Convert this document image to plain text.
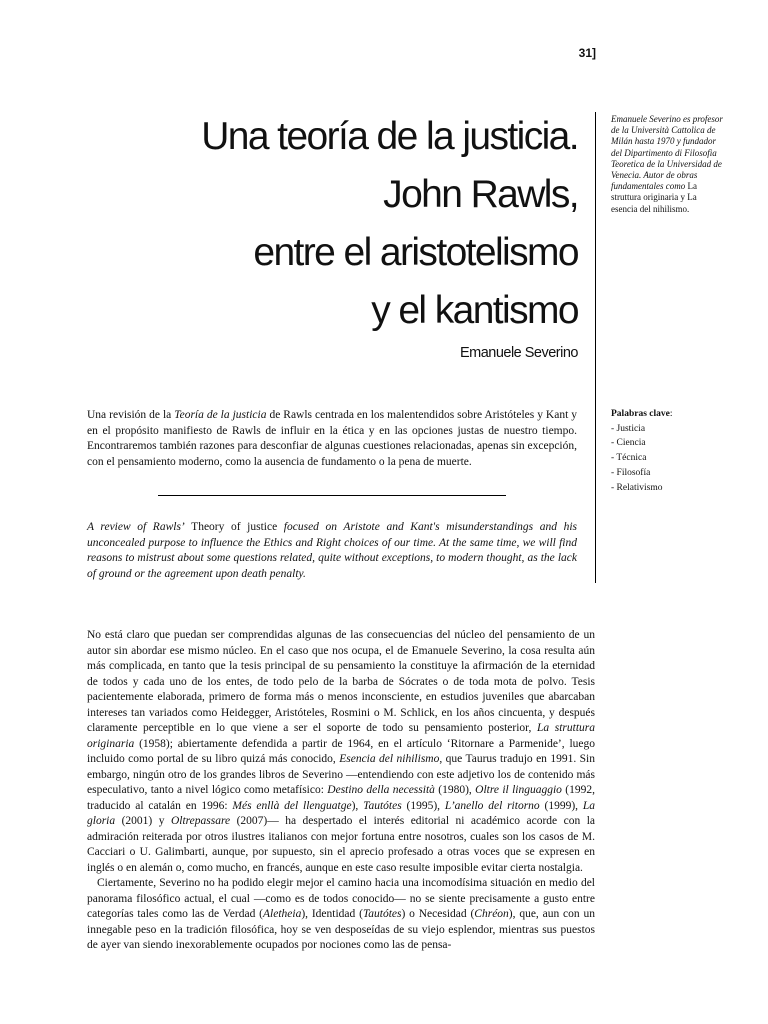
31]
Una teoría de la justicia.
John Rawls,
entre el aristotelismo
y el kantismo
Emanuele Severino

Emanuele Severino es profesor de la Università Cattolica de Milán hasta 1970 y fundador del Dipartimento di Filosofia Teoretica de la Universidad de Venecia. Autor de obras fundamentales como La struttura originaria y La esencia del nihilismo.

Palabras clave:
- Justicia
- Ciencia
- Técnica
- Filosofía
- Relativismo

Una revisión de la Teoría de la justicia de Rawls centrada en los malentendidos sobre Aristóteles y Kant y en el propósito manifiesto de Rawls de influir en la ética y en las opciones justas de nuestro tiempo. Encontraremos también razones para desconfiar de algunas cuestiones relacionadas, apenas sin excepción, con el pensamiento moderno, como la ausencia de fundamento o la pena de muerte.

A review of Rawls’ Theory of justice focused on Aristote and Kant's misunderstandings and his unconcealed purpose to influence the Ethics and Right choices of our time. At the same time, we will find reasons to mistrust about some questions related, quite without exceptions, to modern thought, as the lack of ground or the agreement upon death penalty.

No está claro que puedan ser comprendidas algunas de las consecuencias del núcleo del pensamiento de un autor sin abordar ese mismo núcleo. En el caso que nos ocupa, el de Emanuele Severino, la cosa resulta aún más complicada, en tanto que la tesis principal de su pensamiento la constituye la afirmación de la eternidad de todos y cada uno de los entes, de todo pelo de la barba de Sócrates o de toda mota de polvo. Tesis pacientemente elaborada, primero de forma más o menos inconsciente, en estudios juveniles que abarcaban intereses tan variados como Heidegger, Aristóteles, Rosmini o M. Schlick, en los años cincuenta, y después claramente perceptible en lo que viene a ser el soporte de todo su pensamiento posterior, La struttura originaria (1958); abiertamente defendida a partir de 1964, en el artículo ‘Ritornare a Parmenide’, luego incluido como portal de su libro quizá más conocido, Esencia del nihilismo, que Taurus tradujo en 1991. Sin embargo, ningún otro de los grandes libros de Severino —entendiendo con este adjetivo los de contenido más especulativo, tanto a nivel lógico como metafísico: Destino della necessità (1980), Oltre il linguaggio (1992, traducido al catalán en 1996: Més enllà del llenguatge), Tautótes (1995), L’anello del ritorno (1999), La gloria (2001) y Oltrepassare (2007)— ha despertado el interés editorial ni académico acorde con la admiración reiterada por otros ilustres italianos con mejor fortuna entre nosotros, cuales son los casos de M. Cacciari o U. Galimbarti, aunque, por supuesto, sin el aprecio profesado a otras voces que se expresen en inglés o en alemán o, como mucho, en francés, aunque en este caso resulte imposible evitar cierta nostalgia.

Ciertamente, Severino no ha podido elegir mejor el camino hacia una incomodísima situación en medio del panorama filosófico actual, el cual —como es de todos conocido— no se siente precisamente a gusto entre categorías tales como las de Verdad (Aletheia), Identidad (Tautótes) o Necesidad (Chréon), que, aun con un innegable peso en la tradición filosófica, hoy se ven desposeídas de su viejo esplendor, mientras sus puestos de ayer van siendo inexorablemente ocupados por nociones como las de pensa-
